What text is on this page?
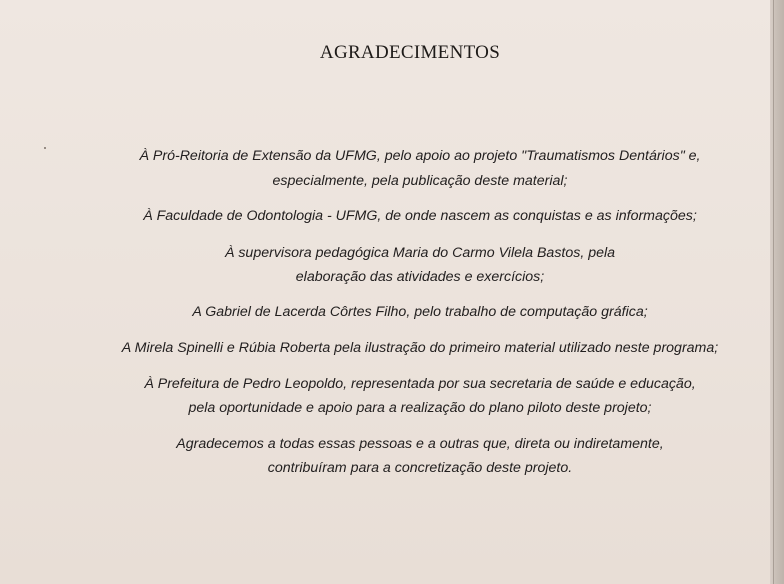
AGRADECIMENTOS
À Pró-Reitoria de Extensão da UFMG, pelo apoio ao projeto "Traumatismos Dentários" e,
especialmente, pela publicação deste material;
À Faculdade de Odontologia - UFMG, de onde nascem as conquistas e as informações;
À supervisora pedagógica Maria do Carmo Vilela Bastos, pela
elaboração das atividades e exercícios;
A Gabriel de Lacerda Côrtes Filho, pelo trabalho de computação gráfica;
A Mirela Spinelli e Rúbia Roberta pela ilustração do primeiro material utilizado neste programa;
À Prefeitura de Pedro Leopoldo, representada por sua secretaria de saúde e educação,
pela oportunidade e apoio para a realização do plano piloto deste projeto;
Agradecemos a todas essas pessoas e a outras que, direta ou indiretamente,
contribuíram para a concretização deste projeto.
